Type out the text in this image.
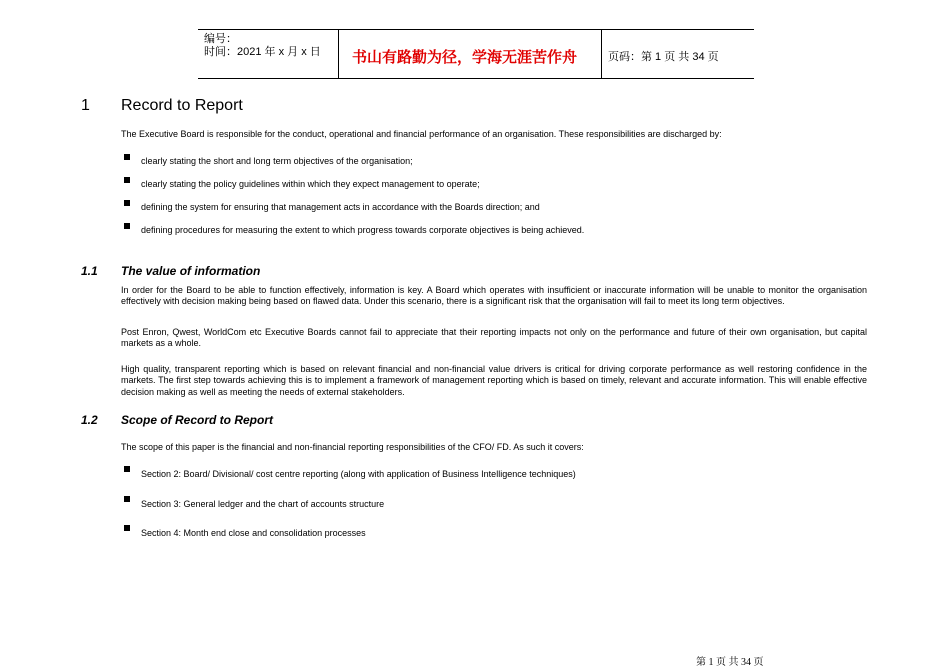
编号：
时间：2021 年 x 月 x 日 书山有路勤为径，学海无涯苦作舟	页码：第 1 页 共 34 页
1 Record to Report
The Executive Board is responsible for the conduct, operational and financial performance of an organisation. These responsibilities are discharged by:
clearly stating the short and long term objectives of the organisation;
clearly stating the policy guidelines within which they expect management to operate;
defining the system for ensuring that management acts in accordance with the Boards direction; and
defining procedures for measuring the extent to which progress towards corporate objectives is being achieved.
1.1 The value of information
In order for the Board to be able to function effectively, information is key. A Board which operates with insufficient or inaccurate information will be unable to monitor the organisation effectively with decision making being based on flawed data. Under this scenario, there is a significant risk that the organisation will fail to meet its long term objectives.
Post Enron, Qwest, WorldCom etc Executive Boards cannot fail to appreciate that their reporting impacts not only on the performance and future of their own organisation, but capital markets as a whole.
High quality, transparent reporting which is based on relevant financial and non-financial value drivers is critical for driving corporate performance as well restoring confidence in the markets. The first step towards achieving this is to implement a framework of management reporting which is based on timely, relevant and accurate information. This will enable effective decision making as well as meeting the needs of external stakeholders.
1.2 Scope of Record to Report
The scope of this paper is the financial and non-financial reporting responsibilities of the CFO/ FD. As such it covers:
Section 2: Board/ Divisional/ cost centre reporting (along with application of Business Intelligence techniques)
Section 3: General ledger and the chart of accounts structure
Section 4: Month end close and consolidation processes
第 1 页 共 34 页
